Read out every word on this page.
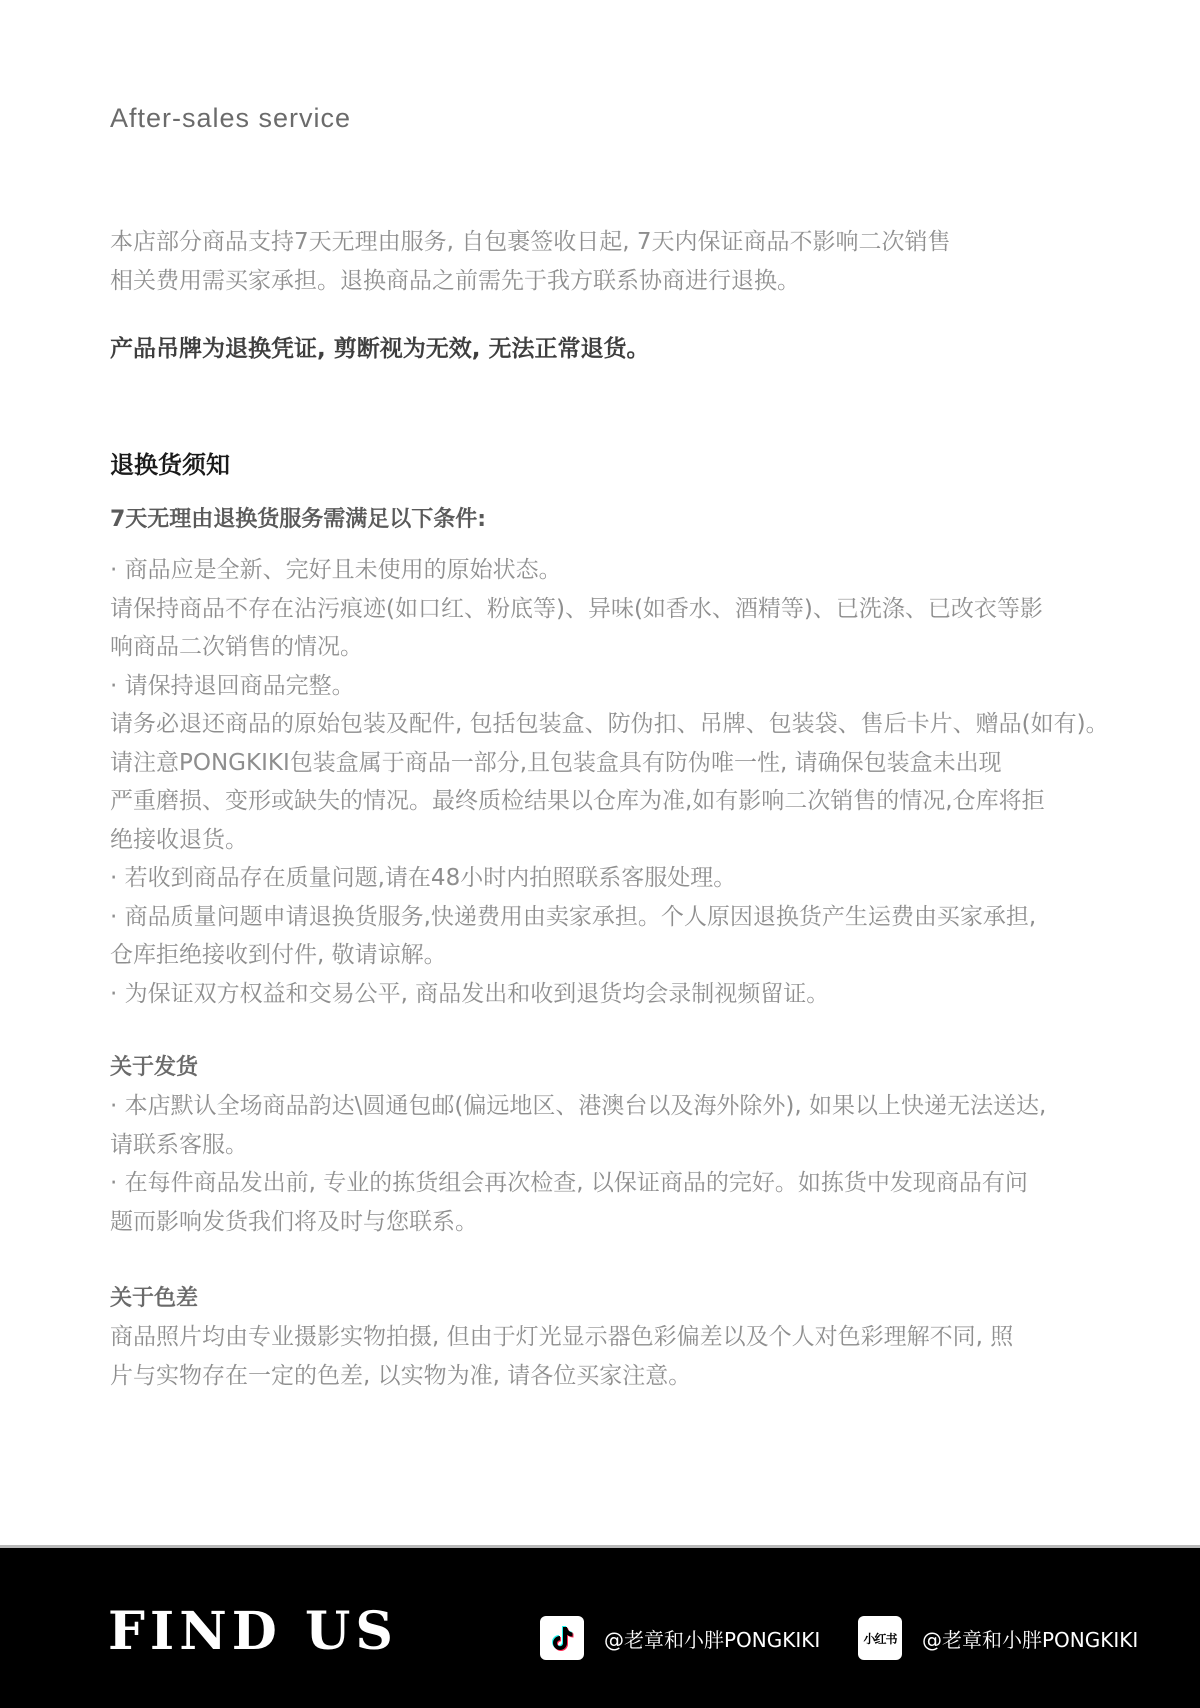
After-sales service
本店部分商品支持7天无理由服务, 自包裹签收日起, 7天内保证商品不影响二次销售
相关费用需买家承担。退换商品之前需先于我方联系协商进行退换。
产品吊牌为退换凭证, 剪断视为无效, 无法正常退货。
退换货须知
7天无理由退换货服务需满足以下条件:
· 商品应是全新、完好且未使用的原始状态。
请保持商品不存在沾污痕迹(如口红、粉底等)、异味(如香水、酒精等)、已洗涤、已改衣等影
响商品二次销售的情况。
· 请保持退回商品完整。
请务必退还商品的原始包装及配件, 包括包装盒、防伪扣、吊牌、包装袋、售后卡片、赠品(如有)。
请注意PONGKIKI包装盒属于商品一部分,且包装盒具有防伪唯一性, 请确保包装盒未出现
严重磨损、变形或缺失的情况。最终质检结果以仓库为准,如有影响二次销售的情况,仓库将拒
绝接收退货。
· 若收到商品存在质量问题,请在48小时内拍照联系客服处理。
· 商品质量问题申请退换货服务,快递费用由卖家承担。个人原因退换货产生运费由买家承担,
仓库拒绝接收到付件, 敬请谅解。
· 为保证双方权益和交易公平, 商品发出和收到退货均会录制视频留证。
关于发货
· 本店默认全场商品韵达\圆通包邮(偏远地区、港澳台以及海外除外), 如果以上快递无法送达,
请联系客服。
· 在每件商品发出前, 专业的拣货组会再次检查, 以保证商品的完好。如拣货中发现商品有问
题而影响发货我们将及时与您联系。
关于色差
商品照片均由专业摄影实物拍摄, 但由于灯光显示器色彩偏差以及个人对色彩理解不同, 照
片与实物存在一定的色差, 以实物为准, 请各位买家注意。
FIND US	@老章和小胖PONGKIKI	小红书 @老章和小胖PONGKIKI
